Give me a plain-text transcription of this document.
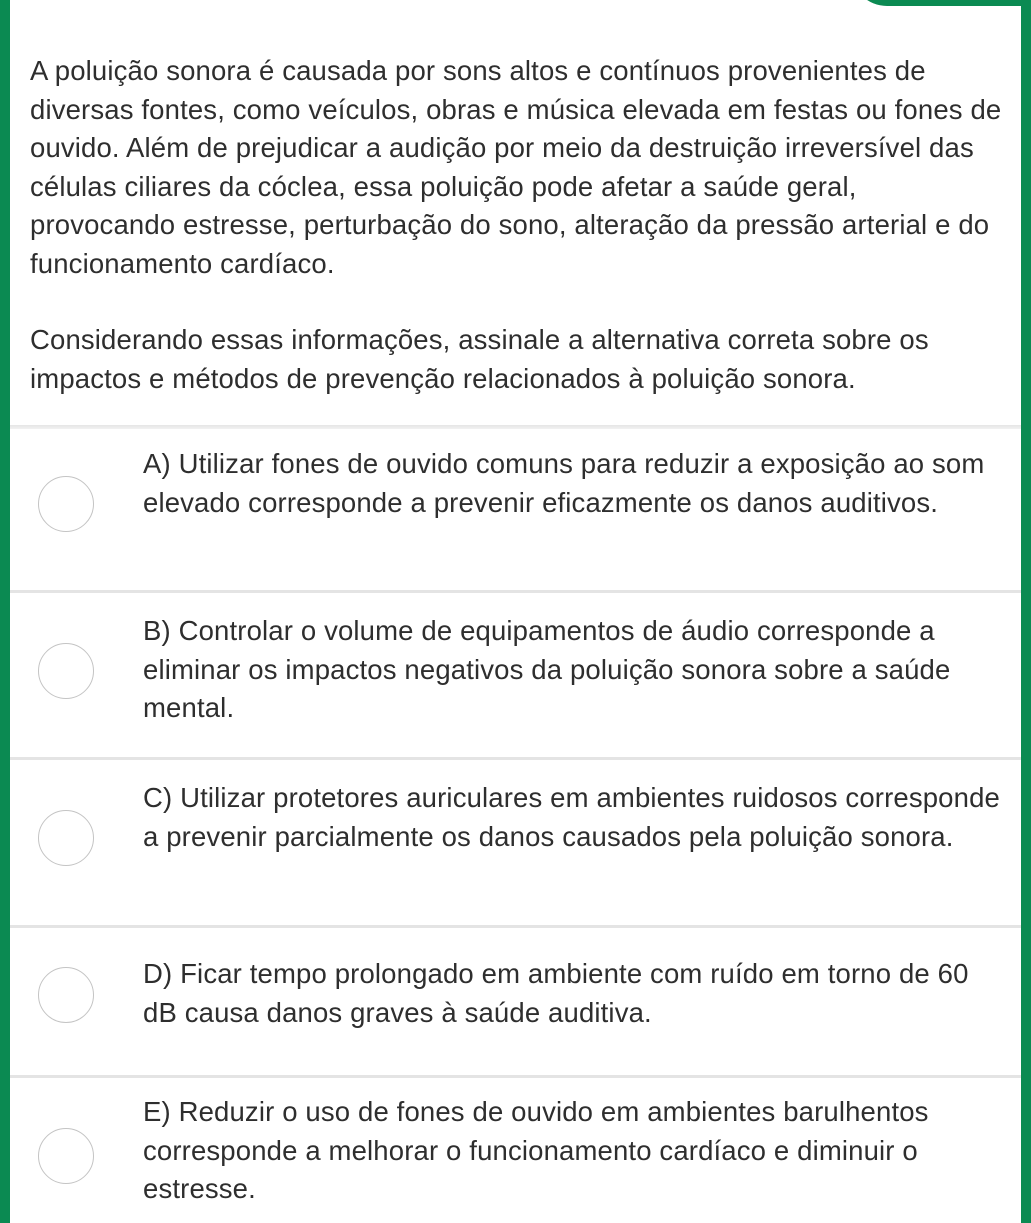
A poluição sonora é causada por sons altos e contínuos provenientes de diversas fontes, como veículos, obras e música elevada em festas ou fones de ouvido. Além de prejudicar a audição por meio da destruição irreversível das células ciliares da cóclea, essa poluição pode afetar a saúde geral, provocando estresse, perturbação do sono, alteração da pressão arterial e do funcionamento cardíaco.

Considerando essas informações, assinale a alternativa correta sobre os impactos e métodos de prevenção relacionados à poluição sonora.

A) Utilizar fones de ouvido comuns para reduzir a exposição ao som elevado corresponde a prevenir eficazmente os danos auditivos.
B) Controlar o volume de equipamentos de áudio corresponde a eliminar os impactos negativos da poluição sonora sobre a saúde mental.
C) Utilizar protetores auriculares em ambientes ruidosos corresponde a prevenir parcialmente os danos causados pela poluição sonora.
D) Ficar tempo prolongado em ambiente com ruído em torno de 60 dB causa danos graves à saúde auditiva.
E) Reduzir o uso de fones de ouvido em ambientes barulhentos corresponde a melhorar o funcionamento cardíaco e diminuir o estresse.
